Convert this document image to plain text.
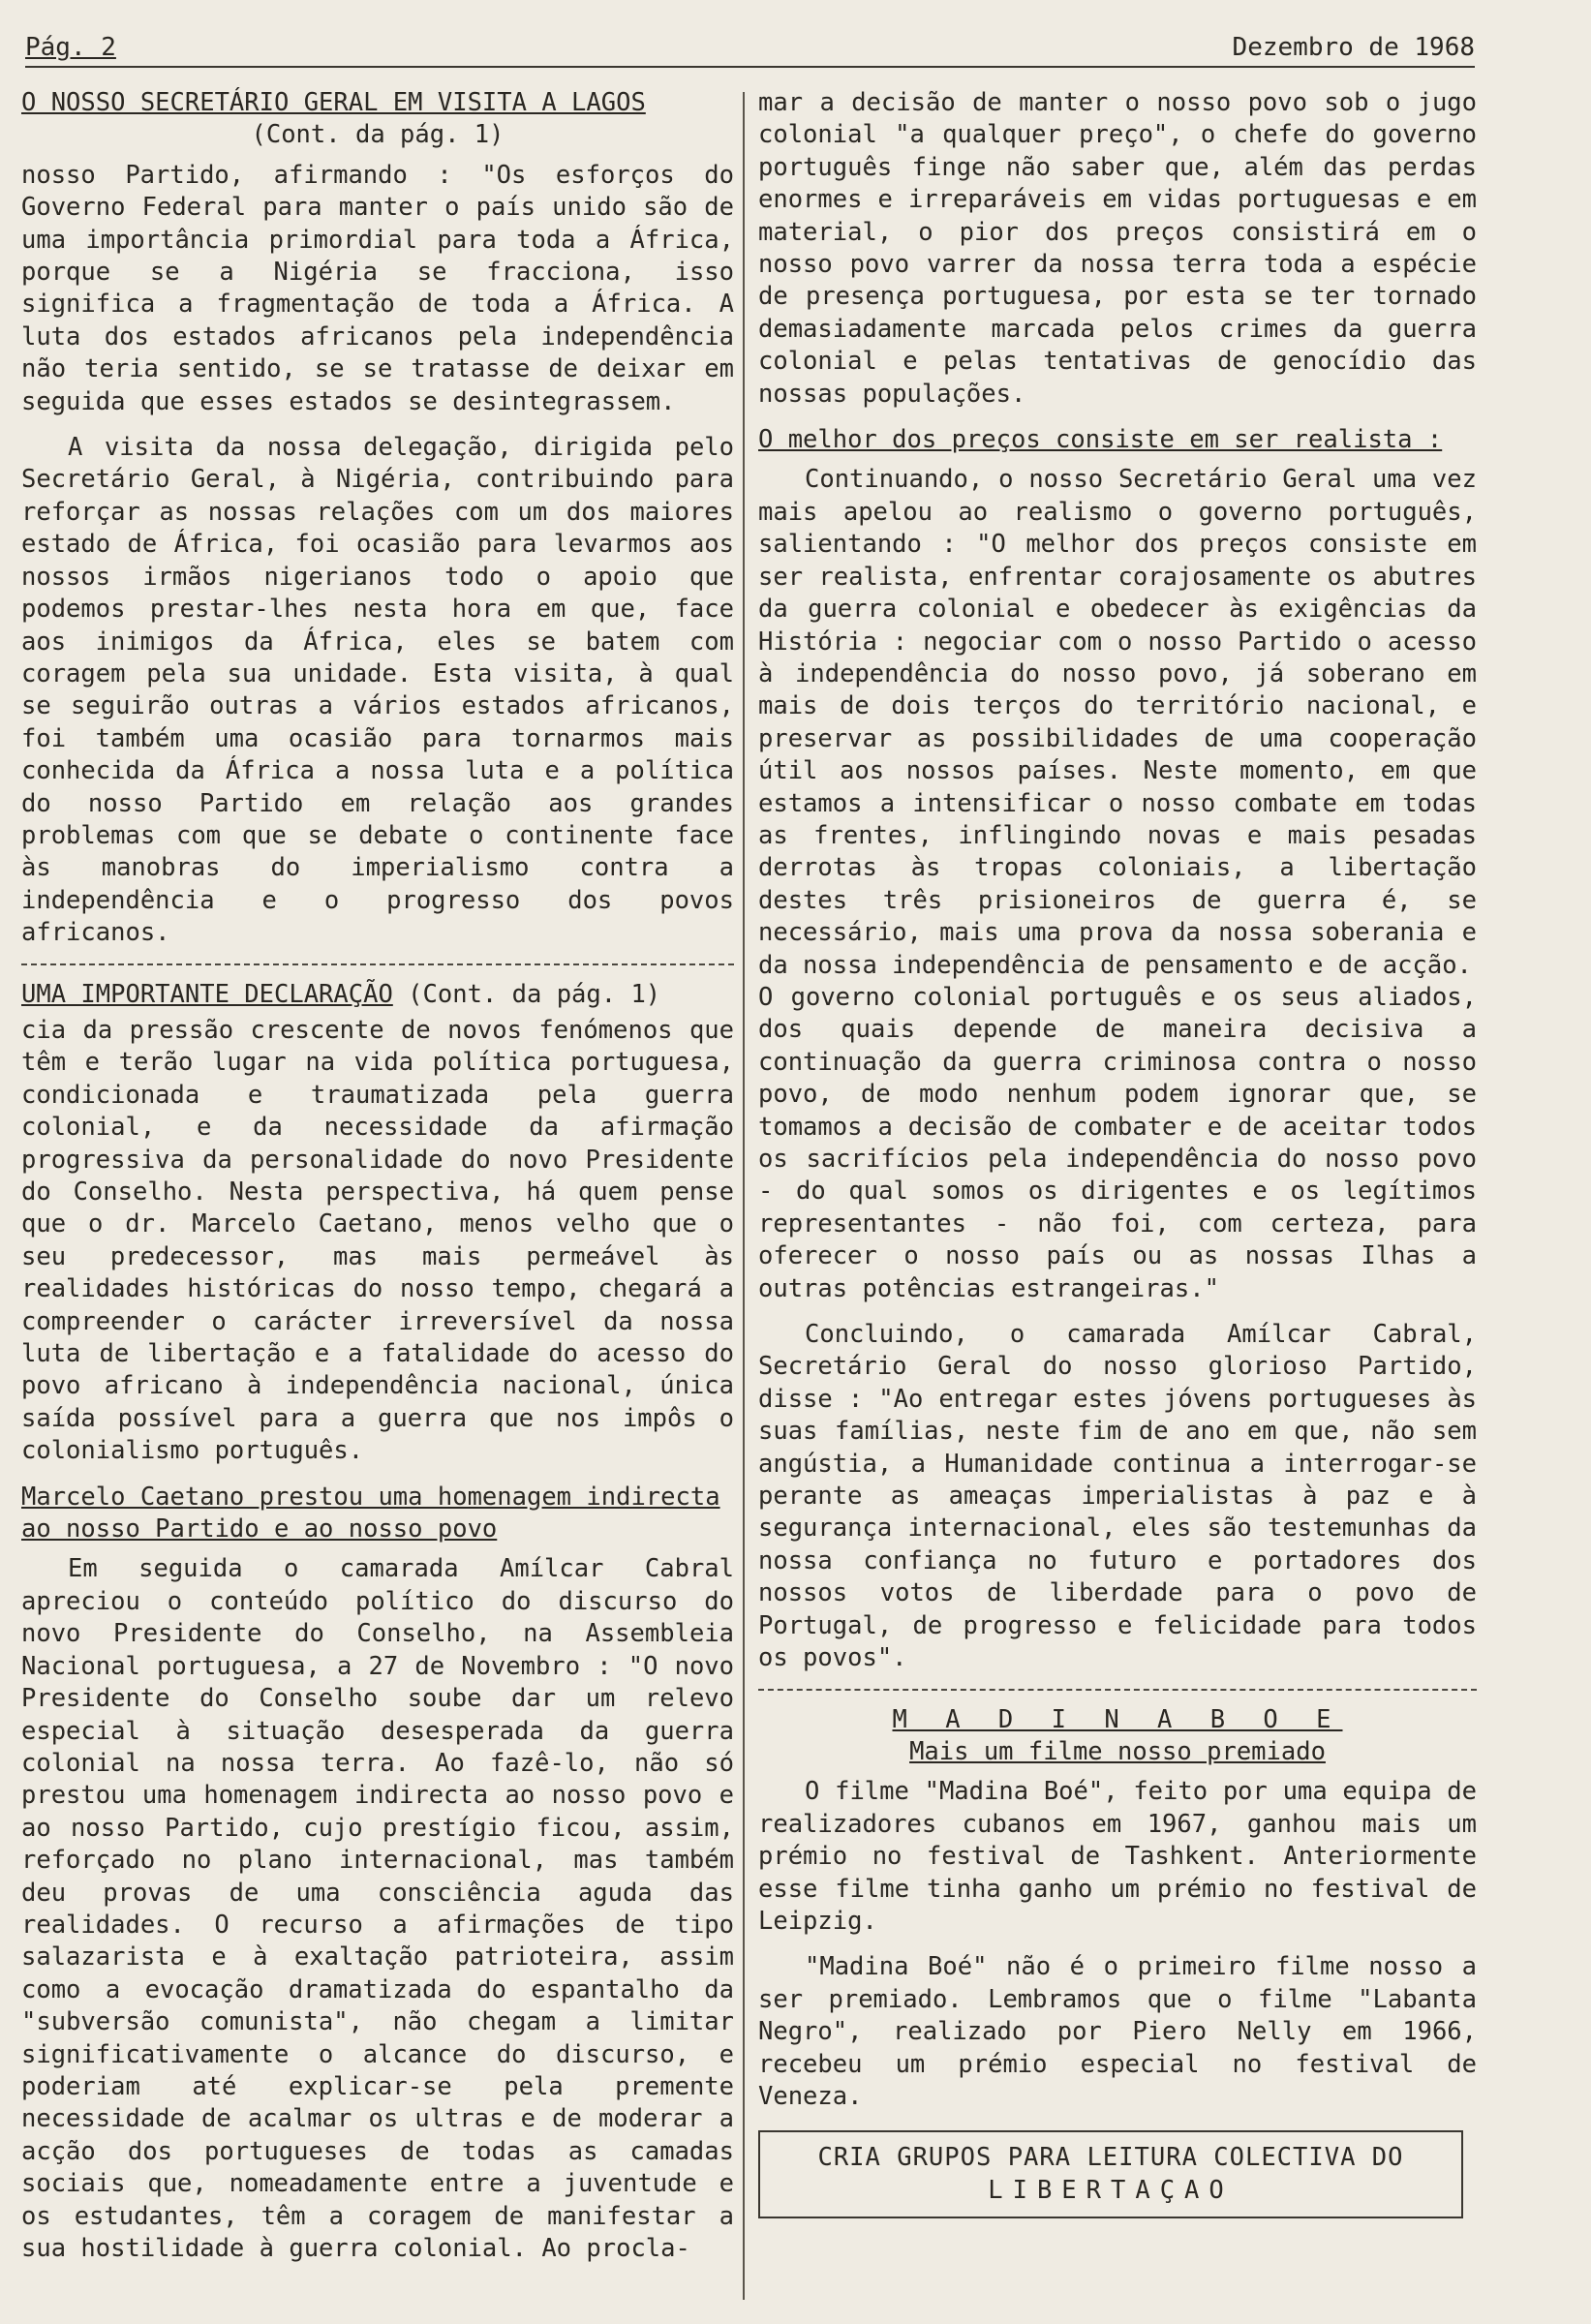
Pág. 2	Dezembro de 1968

O NOSSO SECRETÁRIO GERAL EM VISITA A LAGOS

(Cont. da pág. 1)

nosso Partido, afirmando : "Os esforços do Governo Federal para manter o país unido são de uma importância primordial para toda a África, porque se a Nigéria se fracciona, isso significa a fragmentação de toda a África. A luta dos estados africanos pela independência não teria sentido, se se tratasse de deixar em seguida que esses estados se desintegrassem.

A visita da nossa delegação, dirigida pelo Secretário Geral, à Nigéria, contribuindo para reforçar as nossas relações com um dos maiores estado de África, foi ocasião para levarmos aos nossos irmãos nigerianos todo o apoio que podemos prestar-lhes nesta hora em que, face aos inimigos da África, eles se batem com coragem pela sua unidade. Esta visita, à qual se seguirão outras a vários estados africanos, foi também uma ocasião para tornarmos mais conhecida da África a nossa luta e a política do nosso Partido em relação aos grandes problemas com que se debate o continente face às manobras do imperialismo contra a independência e o progresso dos povos africanos.

UMA IMPORTANTE DECLARAÇÃO (Cont. da pág. 1)

cia da pressão crescente de novos fenómenos que têm e terão lugar na vida política portuguesa, condicionada e traumatizada pela guerra colonial, e da necessidade da afirmação progressiva da personalidade do novo Presidente do Conselho. Nesta perspectiva, há quem pense que o dr. Marcelo Caetano, menos velho que o seu predecessor, mas mais permeável às realidades históricas do nosso tempo, chegará a compreender o carácter irreversível da nossa luta de libertação e a fatalidade do acesso do povo africano à independência nacional, única saída possível para a guerra que nos impôs o colonialismo português.

Marcelo Caetano prestou uma homenagem indirecta ao nosso Partido e ao nosso povo

Em seguida o camarada Amílcar Cabral apreciou o conteúdo político do discurso do novo Presidente do Conselho, na Assembleia Nacional portuguesa, a 27 de Novembro : "O novo Presidente do Conselho soube dar um relevo especial à situação desesperada da guerra colonial na nossa terra. Ao fazê-lo, não só prestou uma homenagem indirecta ao nosso povo e ao nosso Partido, cujo prestígio ficou, assim, reforçado no plano internacional, mas também deu provas de uma consciência aguda das realidades. O recurso a afirmações de tipo salazarista e à exaltação patrioteira, assim como a evocação dramatizada do espantalho da "subversão comunista", não chegam a limitar significativamente o alcance do discurso, e poderiam até explicar-se pela premente necessidade de acalmar os ultras e de moderar a acção dos portugueses de todas as camadas sociais que, nomeadamente entre a juventude e os estudantes, têm a coragem de manifestar a sua hostilidade à guerra colonial. Ao procla-

mar a decisão de manter o nosso povo sob o jugo colonial "a qualquer preço", o chefe do governo português finge não saber que, além das perdas enormes e irreparáveis em vidas portuguesas e em material, o pior dos preços consistirá em o nosso povo varrer da nossa terra toda a espécie de presença portuguesa, por esta se ter tornado demasiadamente marcada pelos crimes da guerra colonial e pelas tentativas de genocídio das nossas populações.

O melhor dos preços consiste em ser realista :

Continuando, o nosso Secretário Geral uma vez mais apelou ao realismo o governo português, salientando : "O melhor dos preços consiste em ser realista, enfrentar corajosamente os abutres da guerra colonial e obedecer às exigências da História : negociar com o nosso Partido o acesso à independência do nosso povo, já soberano em mais de dois terços do território nacional, e preservar as possibilidades de uma cooperação útil aos nossos países. Neste momento, em que estamos a intensificar o nosso combate em todas as frentes, inflingindo novas e mais pesadas derrotas às tropas coloniais, a libertação destes três prisioneiros de guerra é, se necessário, mais uma prova da nossa soberania e da nossa independência de pensamento e de acção.

O governo colonial português e os seus aliados, dos quais depende de maneira decisiva a continuação da guerra criminosa contra o nosso povo, de modo nenhum podem ignorar que, se tomamos a decisão de combater e de aceitar todos os sacrifícios pela independência do nosso povo - do qual somos os dirigentes e os legítimos representantes - não foi, com certeza, para oferecer o nosso país ou as nossas Ilhas a outras potências estrangeiras."

Concluindo, o camarada Amílcar Cabral, Secretário Geral do nosso glorioso Partido, disse : "Ao entregar estes jóvens portugueses às suas famílias, neste fim de ano em que, não sem angústia, a Humanidade continua a interrogar-se perante as ameaças imperialistas à paz e à segurança internacional, eles são testemunhas da nossa confiança no futuro e portadores dos nossos votos de liberdade para o povo de Portugal, de progresso e felicidade para todos os povos".

M A D I N A B O E

Mais um filme nosso premiado

O filme "Madina Boé", feito por uma equipa de realizadores cubanos em 1967, ganhou mais um prémio no festival de Tashkent. Anteriormente esse filme tinha ganho um prémio no festival de Leipzig.

"Madina Boé" não é o primeiro filme nosso a ser premiado. Lembramos que o filme "Labanta Negro", realizado por Piero Nelly em 1966, recebeu um prémio especial no festival de Veneza.

CRIA GRUPOS PARA LEITURA COLECTIVA DO
LIBERTAÇAO
